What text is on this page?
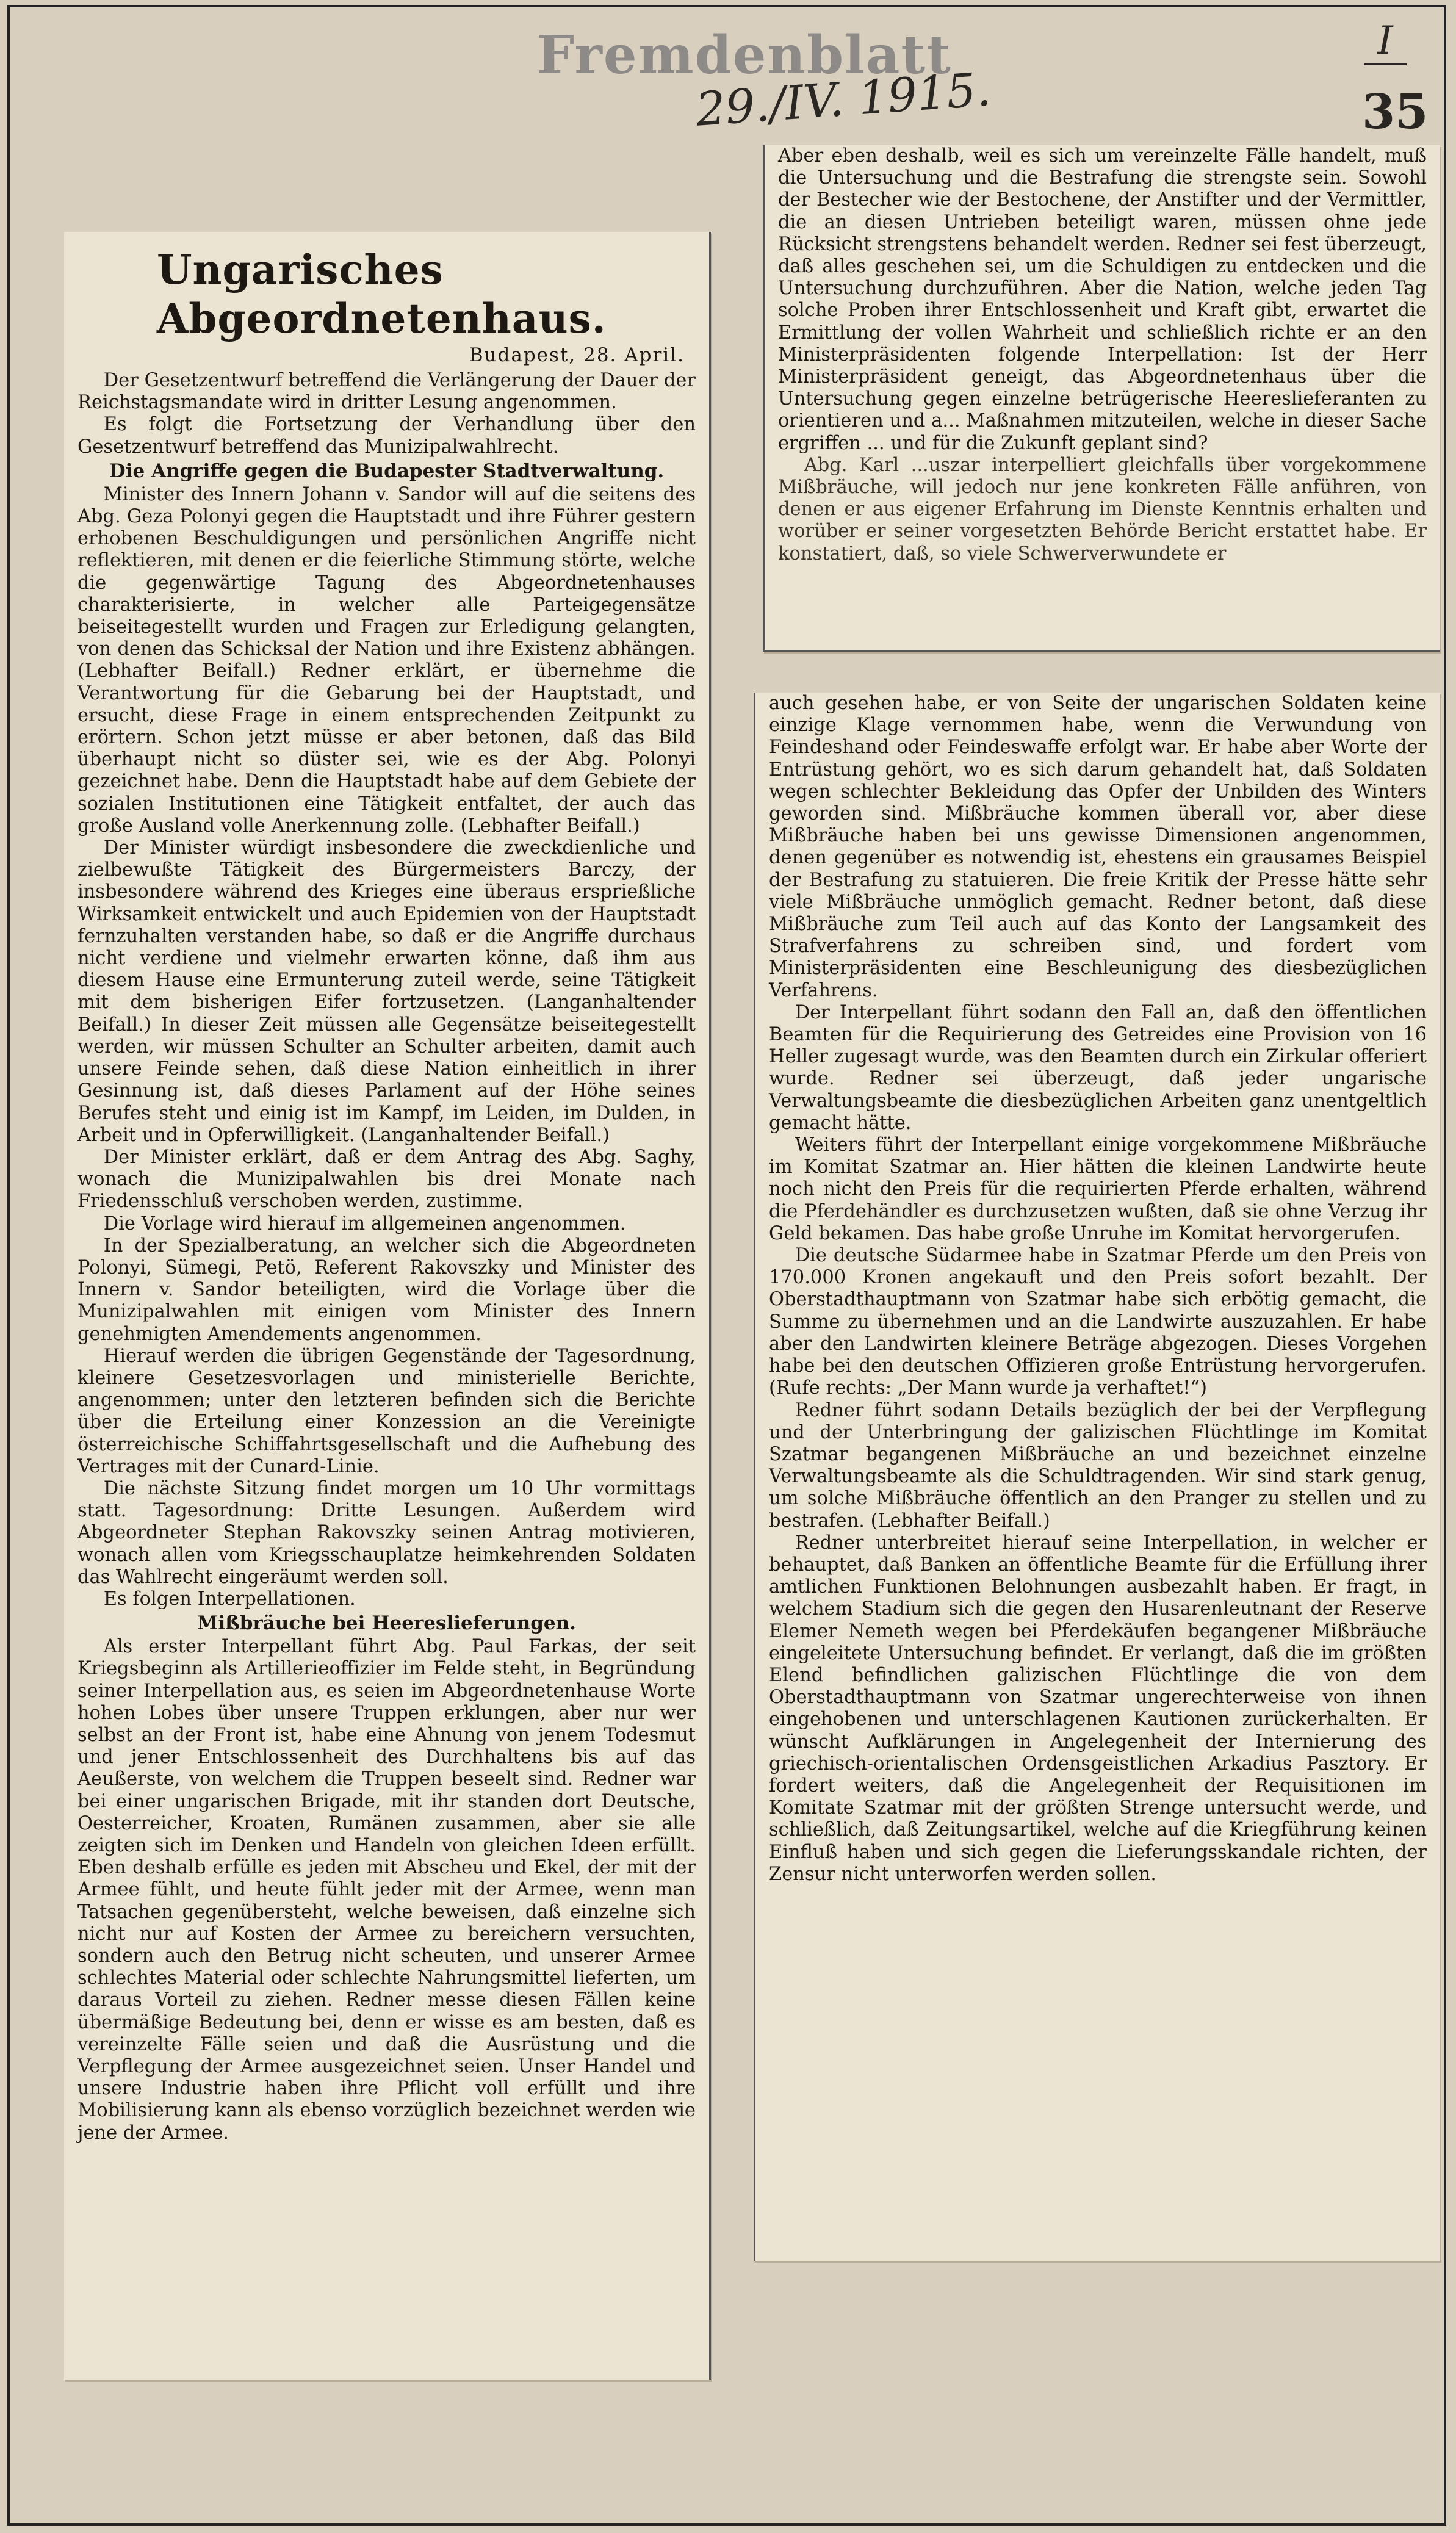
Fremdenblatt
29./IV. 1915.
I
35
Ungarisches Abgeordnetenhaus.
Budapest, 28. April.

Der Gesetzentwurf betreffend die Verlängerung der Dauer der Reichstagsmandate wird in dritter Lesung angenommen.

Es folgt die Fortsetzung der Verhandlung über den Gesetzentwurf betreffend das Munizipalwahlrecht.

Die Angriffe gegen die Budapester Stadtverwaltung.

Minister des Innern Johann v. Sandor will auf die seitens des Abg. Geza Polonyi gegen die Hauptstadt und ihre Führer gestern erhobenen Beschuldigungen und persönlichen Angriffe nicht reflektieren, mit denen er die feierliche Stimmung störte, welche die gegenwärtige Tagung des Abgeordnetenhauses charakterisierte, in welcher alle Parteigegensätze beiseitegestellt wurden und Fragen zur Erledigung gelangten, von denen das Schicksal der Nation und ihre Existenz abhängen. (Lebhafter Beifall.) Redner erklärt, er übernehme die Verantwortung für die Gebarung bei der Hauptstadt, und ersucht, diese Frage in einem entsprechenden Zeitpunkt zu erörtern. Schon jetzt müsse er aber betonen, daß das Bild überhaupt nicht so düster sei, wie es der Abg. Polonyi gezeichnet habe. Denn die Hauptstadt habe auf dem Gebiete der sozialen Institutionen eine Tätigkeit entfaltet, der auch das große Ausland volle Anerkennung zolle. (Lebhafter Beifall.)

Der Minister würdigt insbesondere die zweckdienliche und zielbewußte Tätigkeit des Bürgermeisters Barczy, der insbesondere während des Krieges eine überaus ersprießliche Wirksamkeit entwickelt und auch Epidemien von der Hauptstadt fernzuhalten verstanden habe, so daß er die Angriffe durchaus nicht verdiene und vielmehr erwarten könne, daß ihm aus diesem Hause eine Ermunterung zuteil werde, seine Tätigkeit mit dem bisherigen Eifer fortzusetzen. (Langanhaltender Beifall.) In dieser Zeit müssen alle Gegensätze beiseitegestellt werden, wir müssen Schulter an Schulter arbeiten, damit auch unsere Feinde sehen, daß diese Nation einheitlich in ihrer Gesinnung ist, daß dieses Parlament auf der Höhe seines Berufes steht und einig ist im Kampf, im Leiden, im Dulden, in Arbeit und in Opferwilligkeit. (Langanhaltender Beifall.)

Der Minister erklärt, daß er dem Antrag des Abg. Saghy, wonach die Munizipalwahlen bis drei Monate nach Friedensschluß verschoben werden, zustimme.

Die Vorlage wird hierauf im allgemeinen angenommen.

In der Spezialberatung, an welcher sich die Abgeordneten Polonyi, Sümegi, Petö, Referent Rakovszky und Minister des Innern v. Sandor beteiligten, wird die Vorlage über die Munizipalwahlen mit einigen vom Minister des Innern genehmigten Amendements angenommen.

Hierauf werden die übrigen Gegenstände der Tagesordnung, kleinere Gesetzesvorlagen und ministerielle Berichte, angenommen; unter den letzteren befinden sich die Berichte über die Erteilung einer Konzession an die Vereinigte österreichische Schiffahrtsgesellschaft und die Aufhebung des Vertrages mit der Cunard-Linie.

Die nächste Sitzung findet morgen um 10 Uhr vormittags statt. Tagesordnung: Dritte Lesungen. Außerdem wird Abgeordneter Stephan Rakovszky seinen Antrag motivieren, wonach allen vom Kriegsschauplatze heimkehrenden Soldaten das Wahlrecht eingeräumt werden soll.

Es folgen Interpellationen.

Mißbräuche bei Heereslieferungen.

Als erster Interpellant führt Abg. Paul Farkas, der seit Kriegsbeginn als Artillerieoffizier im Felde steht, in Begründung seiner Interpellation aus, es seien im Abgeordnetenhause Worte hohen Lobes über unsere Truppen erklungen, aber nur wer selbst an der Front ist, habe eine Ahnung von jenem Todesmut und jener Entschlossenheit des Durchhaltens bis auf das Aeußerste, von welchem die Truppen beseelt sind. Redner war bei einer ungarischen Brigade, mit ihr standen dort Deutsche, Oesterreicher, Kroaten, Rumänen zusammen, aber sie alle zeigten sich im Denken und Handeln von gleichen Ideen erfüllt. Eben deshalb erfülle es jeden mit Abscheu und Ekel, der mit der Armee fühlt, und heute fühlt jeder mit der Armee, wenn man Tatsachen gegenübersteht, welche beweisen, daß einzelne sich nicht nur auf Kosten der Armee zu bereichern versuchten, sondern auch den Betrug nicht scheuten, und unserer Armee schlechtes Material oder schlechte Nahrungsmittel lieferten, um daraus Vorteil zu ziehen. Redner messe diesen Fällen keine übermäßige Bedeutung bei, denn er wisse es am besten, daß es vereinzelte Fälle seien und daß die Ausrüstung und die Verpflegung der Armee ausgezeichnet seien. Unser Handel und unsere Industrie haben ihre Pflicht voll erfüllt und ihre Mobilisierung kann als ebenso vorzüglich bezeichnet werden wie jene der Armee.

Aber eben deshalb, weil es sich um vereinzelte Fälle handelt, muß die Untersuchung und die Bestrafung die strengste sein. Sowohl der Bestecher wie der Bestochene, der Anstifter und der Vermittler, die an diesen Untrieben beteiligt waren, müssen ohne jede Rücksicht strengstens behandelt werden. Redner sei fest überzeugt, daß alles geschehen sei, um die Schuldigen zu entdecken und die Untersuchung durchzuführen. Aber die Nation, welche jeden Tag solche Proben ihrer Entschlossenheit und Kraft gibt, erwartet die Ermittlung der vollen Wahrheit und schließlich richte er an den Ministerpräsidenten folgende Interpellation: Ist der Herr Ministerpräsident geneigt, das Abgeordnetenhaus über die Untersuchung gegen einzelne betrügerische Heereslieferanten zu orientieren und a... Maßnahmen mitzuteilen, welche in dieser Sache ergriffen ... und für die Zukunft geplant sind?

Abg. Karl ...uszar interpelliert gleichfalls über vorgekommene Mißbräuche, will jedoch nur jene konkreten Fälle anführen, von denen er aus eigener Erfahrung im Dienste Kenntnis erhalten und worüber er seiner vorgesetzten Behörde Bericht erstattet habe. Er konstatiert, daß, so viele Schwerverwundete er

auch gesehen habe, er von Seite der ungarischen Soldaten keine einzige Klage vernommen habe, wenn die Verwundung von Feindeshand oder Feindeswaffe erfolgt war. Er habe aber Worte der Entrüstung gehört, wo es sich darum gehandelt hat, daß Soldaten wegen schlechter Bekleidung das Opfer der Unbilden des Winters geworden sind. Mißbräuche kommen überall vor, aber diese Mißbräuche haben bei uns gewisse Dimensionen angenommen, denen gegenüber es notwendig ist, ehestens ein grausames Beispiel der Bestrafung zu statuieren. Die freie Kritik der Presse hätte sehr viele Mißbräuche unmöglich gemacht. Redner betont, daß diese Mißbräuche zum Teil auch auf das Konto der Langsamkeit des Strafverfahrens zu schreiben sind, und fordert vom Ministerpräsidenten eine Beschleunigung des diesbezüglichen Verfahrens.

Der Interpellant führt sodann den Fall an, daß den öffentlichen Beamten für die Requirierung des Getreides eine Provision von 16 Heller zugesagt wurde, was den Beamten durch ein Zirkular offeriert wurde. Redner sei überzeugt, daß jeder ungarische Verwaltungsbeamte die diesbezüglichen Arbeiten ganz unentgeltlich gemacht hätte.

Weiters führt der Interpellant einige vorgekommene Mißbräuche im Komitat Szatmar an. Hier hätten die kleinen Landwirte heute noch nicht den Preis für die requirierten Pferde erhalten, während die Pferdehändler es durchzusetzen wußten, daß sie ohne Verzug ihr Geld bekamen. Das habe große Unruhe im Komitat hervorgerufen.

Die deutsche Südarmee habe in Szatmar Pferde um den Preis von 170.000 Kronen angekauft und den Preis sofort bezahlt. Der Oberstadthauptmann von Szatmar habe sich erbötig gemacht, die Summe zu übernehmen und an die Landwirte auszuzahlen. Er habe aber den Landwirten kleinere Beträge abgezogen. Dieses Vorgehen habe bei den deutschen Offizieren große Entrüstung hervorgerufen. (Rufe rechts: „Der Mann wurde ja verhaftet!“)

Redner führt sodann Details bezüglich der bei der Verpflegung und der Unterbringung der galizischen Flüchtlinge im Komitat Szatmar begangenen Mißbräuche an und bezeichnet einzelne Verwaltungsbeamte als die Schuldtragenden. Wir sind stark genug, um solche Mißbräuche öffentlich an den Pranger zu stellen und zu bestrafen. (Lebhafter Beifall.)

Redner unterbreitet hierauf seine Interpellation, in welcher er behauptet, daß Banken an öffentliche Beamte für die Erfüllung ihrer amtlichen Funktionen Belohnungen ausbezahlt haben. Er fragt, in welchem Stadium sich die gegen den Husarenleutnant der Reserve Elemer Nemeth wegen bei Pferdekäufen begangener Mißbräuche eingeleitete Untersuchung befindet. Er verlangt, daß die im größten Elend befindlichen galizischen Flüchtlinge die von dem Oberstadthauptmann von Szatmar ungerechterweise von ihnen eingehobenen und unterschlagenen Kautionen zurückerhalten. Er wünscht Aufklärungen in Angelegenheit der Internierung des griechisch-orientalischen Ordensgeistlichen Arkadius Pasztory. Er fordert weiters, daß die Angelegenheit der Requisitionen im Komitate Szatmar mit der größten Strenge untersucht werde, und schließlich, daß Zeitungsartikel, welche auf die Kriegführung keinen Einfluß haben und sich gegen die Lieferungsskandale richten, der Zensur nicht unterworfen werden sollen.
